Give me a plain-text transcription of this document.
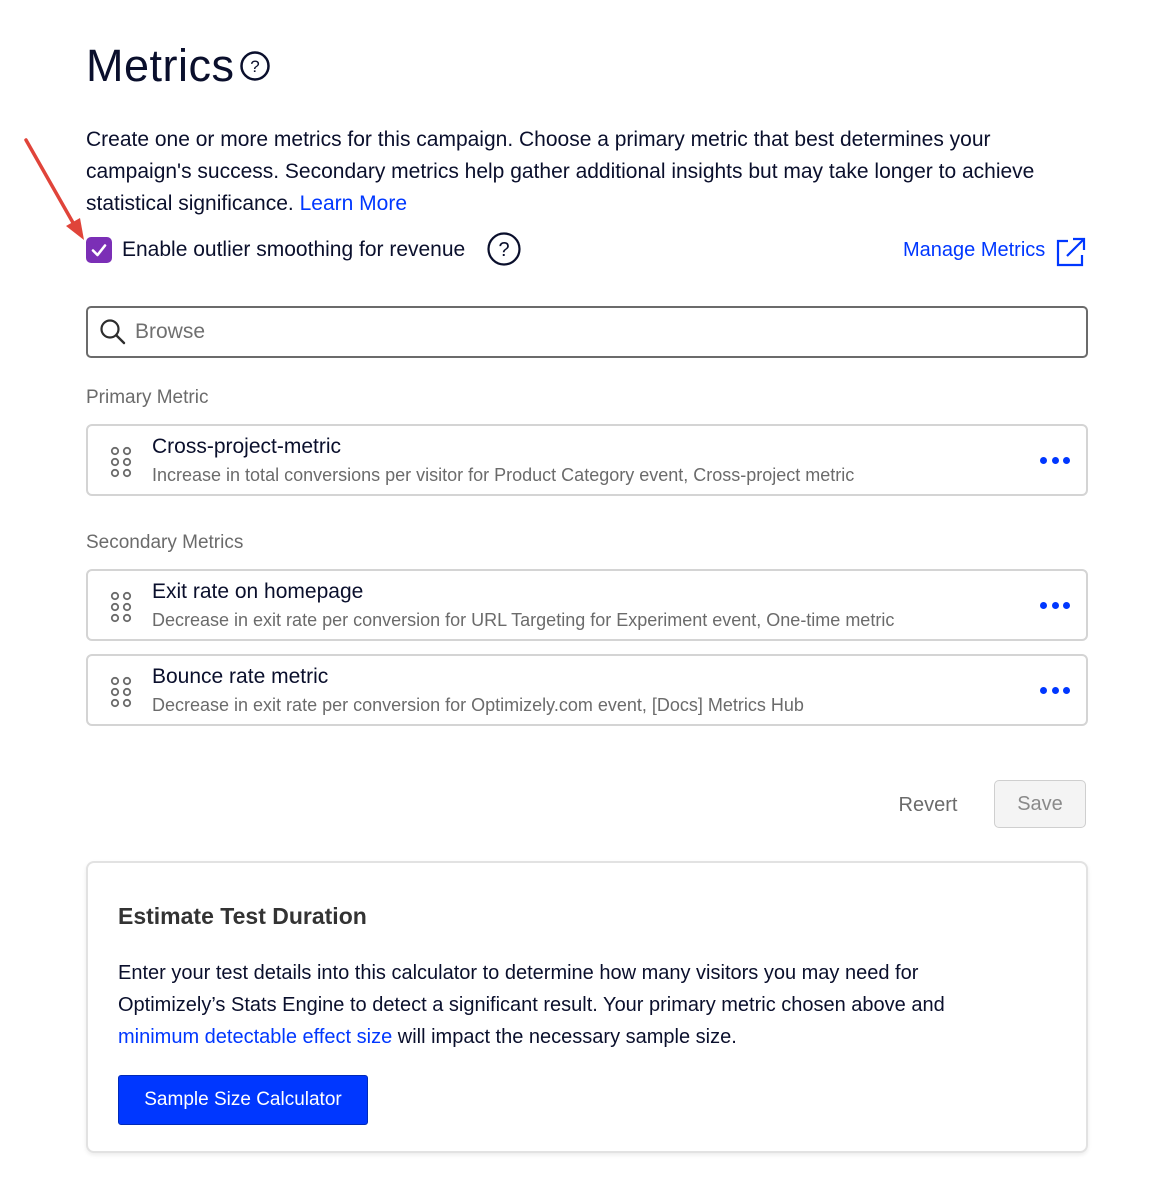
Metrics ?
Create one or more metrics for this campaign. Choose a primary metric that best determines your campaign's success. Secondary metrics help gather additional insights but may take longer to achieve statistical significance. Learn More
Enable outlier smoothing for revenue ?	Manage Metrics
Browse
Primary Metric
Cross-project-metric
Increase in total conversions per visitor for Product Category event, Cross-project metric
Secondary Metrics
Exit rate on homepage
Decrease in exit rate per conversion for URL Targeting for Experiment event, One-time metric
Bounce rate metric
Decrease in exit rate per conversion for Optimizely.com event, [Docs] Metrics Hub
Revert	Save
Estimate Test Duration
Enter your test details into this calculator to determine how many visitors you may need for Optimizely’s Stats Engine to detect a significant result. Your primary metric chosen above and minimum detectable effect size will impact the necessary sample size.
Sample Size Calculator
